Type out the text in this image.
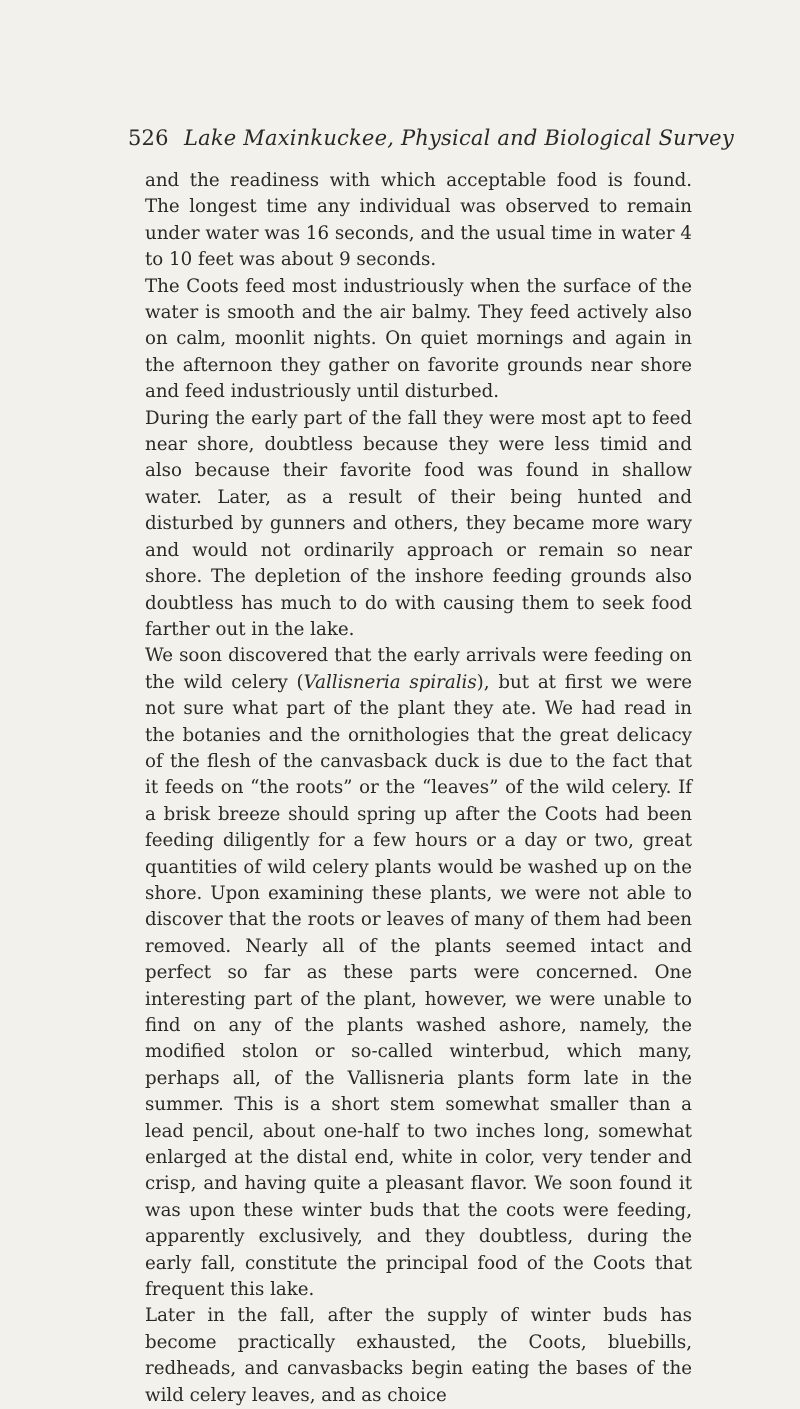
526 Lake Maxinkuckee, Physical and Biological Survey

and the readiness with which acceptable food is found. The longest time any individual was observed to remain under water was 16 seconds, and the usual time in water 4 to 10 feet was about 9 seconds.

The Coots feed most industriously when the surface of the water is smooth and the air balmy. They feed actively also on calm, moonlit nights. On quiet mornings and again in the afternoon they gather on favorite grounds near shore and feed industriously until disturbed.

During the early part of the fall they were most apt to feed near shore, doubtless because they were less timid and also because their favorite food was found in shallow water. Later, as a result of their being hunted and disturbed by gunners and others, they became more wary and would not ordinarily approach or remain so near shore. The depletion of the inshore feeding grounds also doubtless has much to do with causing them to seek food farther out in the lake.

We soon discovered that the early arrivals were feeding on the wild celery (Vallisneria spiralis), but at first we were not sure what part of the plant they ate. We had read in the botanies and the ornithologies that the great delicacy of the flesh of the canvasback duck is due to the fact that it feeds on “the roots” or the “leaves” of the wild celery. If a brisk breeze should spring up after the Coots had been feeding diligently for a few hours or a day or two, great quantities of wild celery plants would be washed up on the shore. Upon examining these plants, we were not able to discover that the roots or leaves of many of them had been removed. Nearly all of the plants seemed intact and perfect so far as these parts were concerned. One interesting part of the plant, however, we were unable to find on any of the plants washed ashore, namely, the modified stolon or so-called winterbud, which many, perhaps all, of the Vallisneria plants form late in the summer. This is a short stem somewhat smaller than a lead pencil, about one-half to two inches long, somewhat enlarged at the distal end, white in color, very tender and crisp, and having quite a pleasant flavor. We soon found it was upon these winter buds that the coots were feeding, apparently exclusively, and they doubtless, during the early fall, constitute the principal food of the Coots that frequent this lake.

Later in the fall, after the supply of winter buds has become practically exhausted, the Coots, bluebills, redheads, and canvasbacks begin eating the bases of the wild celery leaves, and as choice
